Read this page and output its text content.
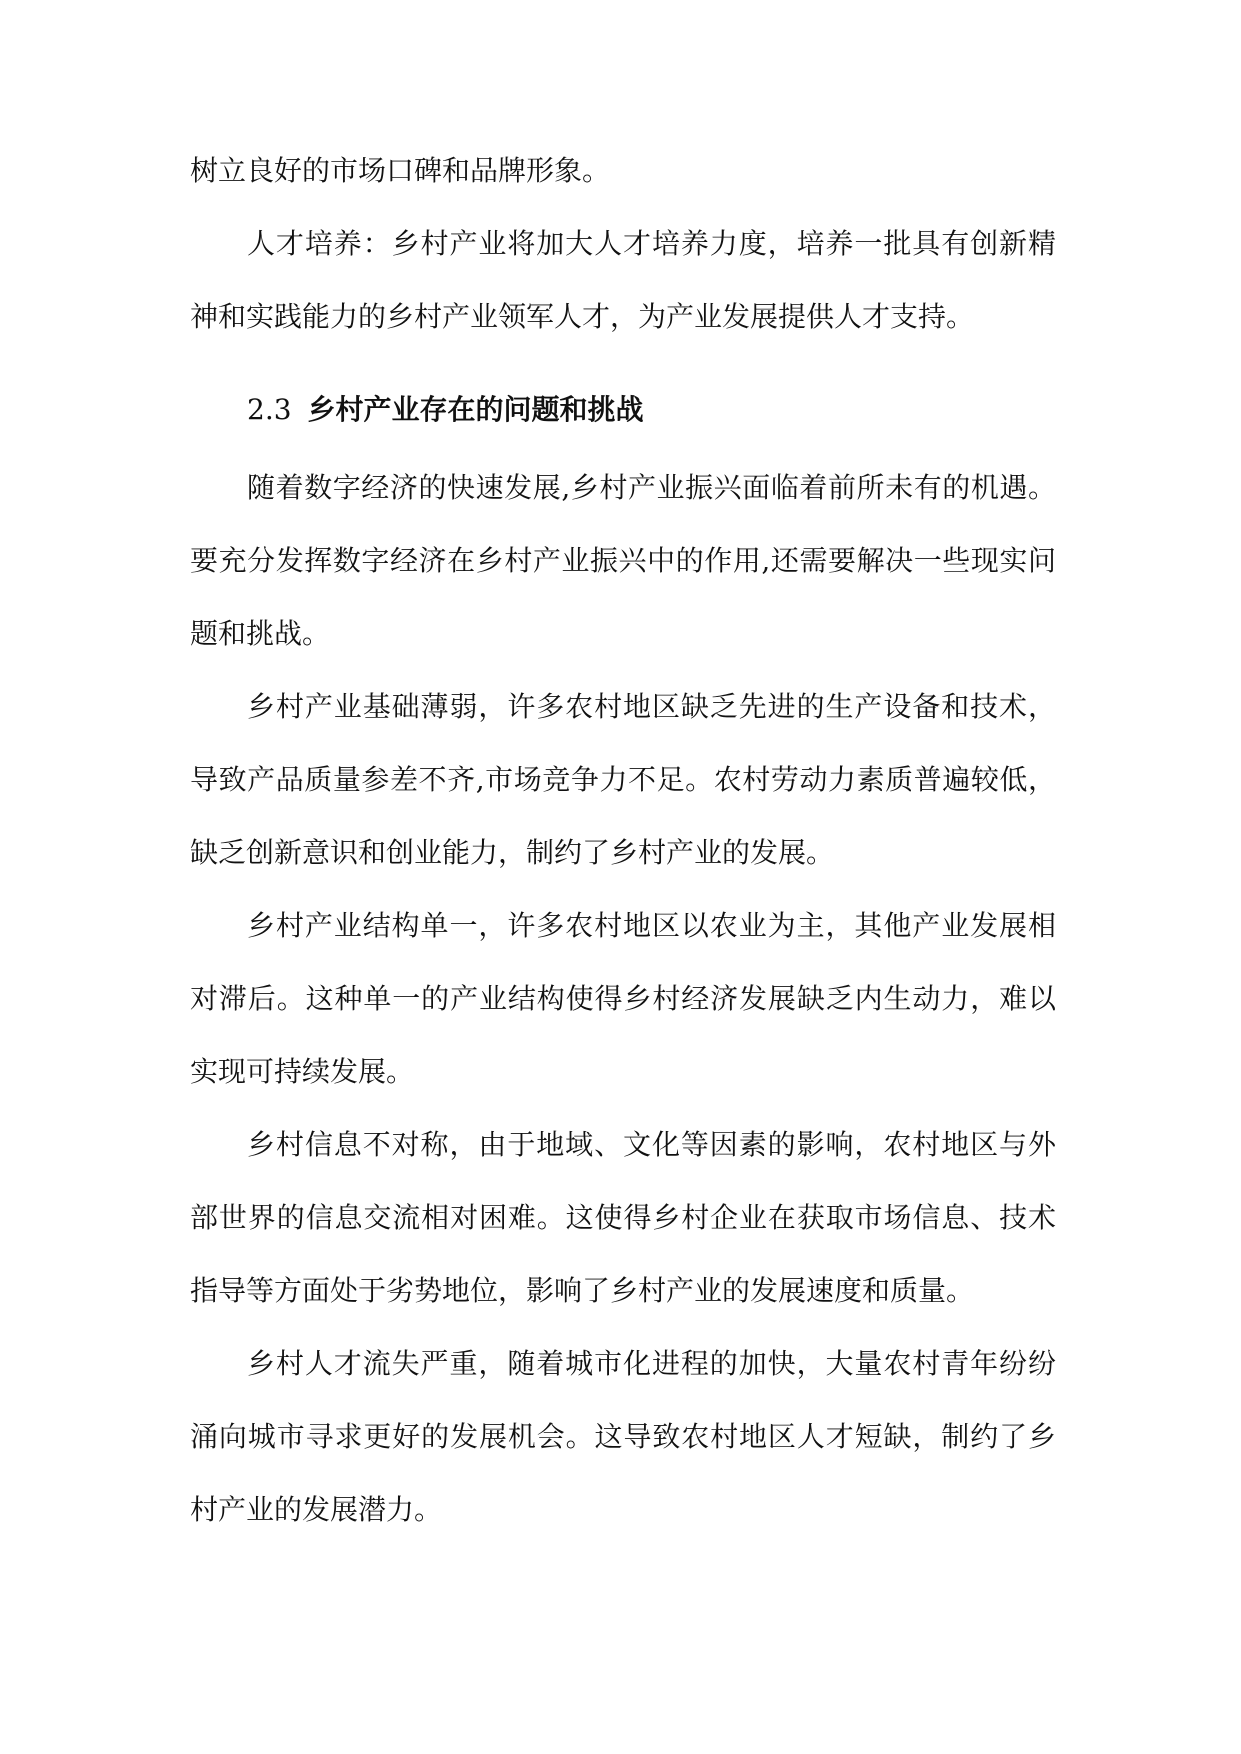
树立良好的市场口碑和品牌形象。

人才培养：乡村产业将加大人才培养力度，培养一批具有创新精神和实践能力的乡村产业领军人才，为产业发展提供人才支持。

2.3 乡村产业存在的问题和挑战

随着数字经济的快速发展,乡村产业振兴面临着前所未有的机遇。要充分发挥数字经济在乡村产业振兴中的作用,还需要解决一些现实问题和挑战。

乡村产业基础薄弱，许多农村地区缺乏先进的生产设备和技术，导致产品质量参差不齐,市场竞争力不足。农村劳动力素质普遍较低，缺乏创新意识和创业能力，制约了乡村产业的发展。

乡村产业结构单一，许多农村地区以农业为主，其他产业发展相对滞后。这种单一的产业结构使得乡村经济发展缺乏内生动力，难以实现可持续发展。

乡村信息不对称，由于地域、文化等因素的影响，农村地区与外部世界的信息交流相对困难。这使得乡村企业在获取市场信息、技术指导等方面处于劣势地位，影响了乡村产业的发展速度和质量。

乡村人才流失严重，随着城市化进程的加快，大量农村青年纷纷涌向城市寻求更好的发展机会。这导致农村地区人才短缺，制约了乡村产业的发展潜力。
